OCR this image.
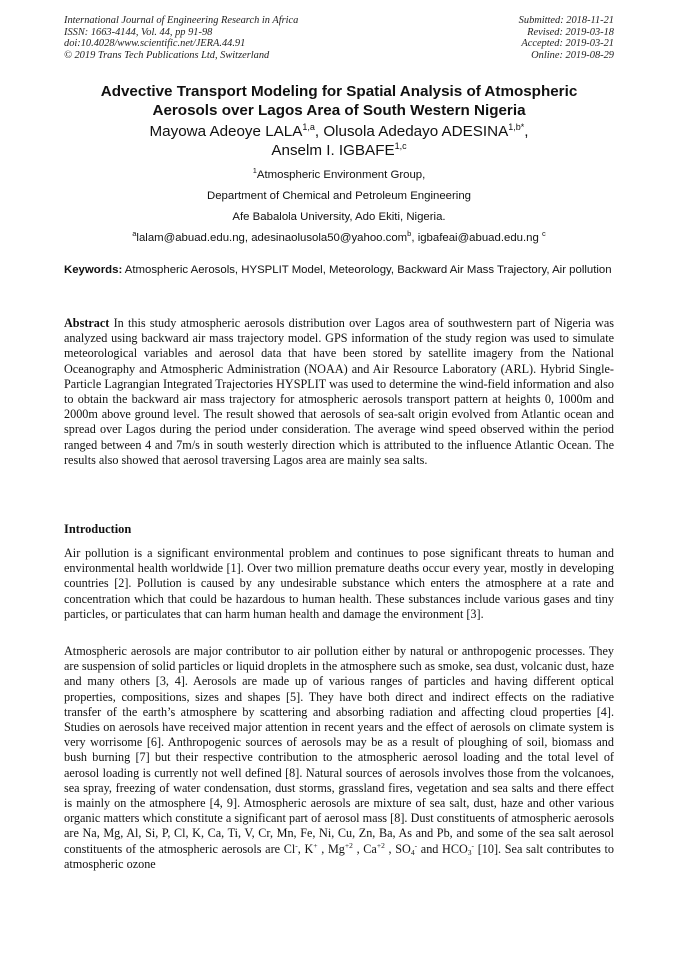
International Journal of Engineering Research in Africa
ISSN: 1663-4144, Vol. 44, pp 91-98
doi:10.4028/www.scientific.net/JERA.44.91
© 2019 Trans Tech Publications Ltd, Switzerland
Submitted: 2018-11-21
Revised: 2019-03-18
Accepted: 2019-03-21
Online: 2019-08-29
Advective Transport Modeling for Spatial Analysis of Atmospheric
Aerosols over Lagos Area of South Western Nigeria
Mayowa Adeoye LALA$^{1,a}$, Olusola Adedayo $ADESINA^{1,b*}$,
Anselm I. IGBAFE$^{1,c}$
$^1$Atmospheric Environment Group,
Department of Chemical and Petroleum Engineering
Afe Babalola University, Ado Ekiti, Nigeria.
$^a$lalam@abuad.edu.ng, adesinaolusola50@yahoo.com$^b$, igbafeai@abuad.edu.ng $^c$
Keywords: Atmospheric Aerosols, HYSPLIT Model, Meteorology, Backward Air Mass Trajectory, Air pollution
Abstract In this study atmospheric aerosols distribution over Lagos area of southwestern part of Nigeria was analyzed using backward air mass trajectory model. GPS information of the study region was used to simulate meteorological variables and aerosol data that have been stored by satellite imagery from the National Oceanography and Atmospheric Administration (NOAA) and Air Resource Laboratory (ARL). Hybrid Single-Particle Lagrangian Integrated Trajectories HYSPLIT was used to determine the wind-field information and also to obtain the backward air mass trajectory for atmospheric aerosols transport pattern at heights 0, 1000m and 2000m above ground level. The result showed that aerosols of sea-salt origin evolved from Atlantic ocean and spread over Lagos during the period under consideration. The average wind speed observed within the period ranged between 4 and 7m/s in south westerly direction which is attributed to the influence Atlantic Ocean. The results also showed that aerosol traversing Lagos area are mainly sea salts.
Introduction
Air pollution is a significant environmental problem and continues to pose significant threats to human and environmental health worldwide [1]. Over two million premature deaths occur every year, mostly in developing countries [2]. Pollution is caused by any undesirable substance which enters the atmosphere at a rate and concentration which that could be hazardous to human health. These substances include various gases and tiny particles, or particulates that can harm human health and damage the environment [3].
Atmospheric aerosols are major contributor to air pollution either by natural or anthropogenic processes. They are suspension of solid particles or liquid droplets in the atmosphere such as smoke, sea dust, volcanic dust, haze and many others [3, 4]. Aerosols are made up of various ranges of particles and having different optical properties, compositions, sizes and shapes [5]. They have both direct and indirect effects on the radiative transfer of the earth’s atmosphere by scattering and absorbing radiation and affecting cloud properties [4]. Studies on aerosols have received major attention in recent years and the effect of aerosols on climate system is very worrisome [6]. Anthropogenic sources of aerosols may be as a result of ploughing of soil, biomass and bush burning [7] but their respective contribution to the atmospheric aerosol loading and the total level of aerosol loading is currently not well defined [8]. Natural sources of aerosols involves those from the volcanoes, sea spray, freezing of water condensation, dust storms, grassland fires, vegetation and sea salts and there effect is mainly on the atmosphere [4, 9]. Atmospheric aerosols are mixture of sea salt, dust, haze and other various organic matters which constitute a significant part of aerosol mass [8]. Dust constituents of atmospheric aerosols are Na, Mg, Al, Si, P, Cl, K, Ca, Ti, V, Cr, Mn, Fe, Ni, Cu, Zn, Ba, As and Pb, and some of the sea salt aerosol constituents of the atmospheric aerosols are Cl-, K+ , $Mg^{+2}$ , $Ca^{+2}$ , $SO_4^-$ and $HCO_3^-$ [10]. Sea salt contributes to atmospheric ozone
